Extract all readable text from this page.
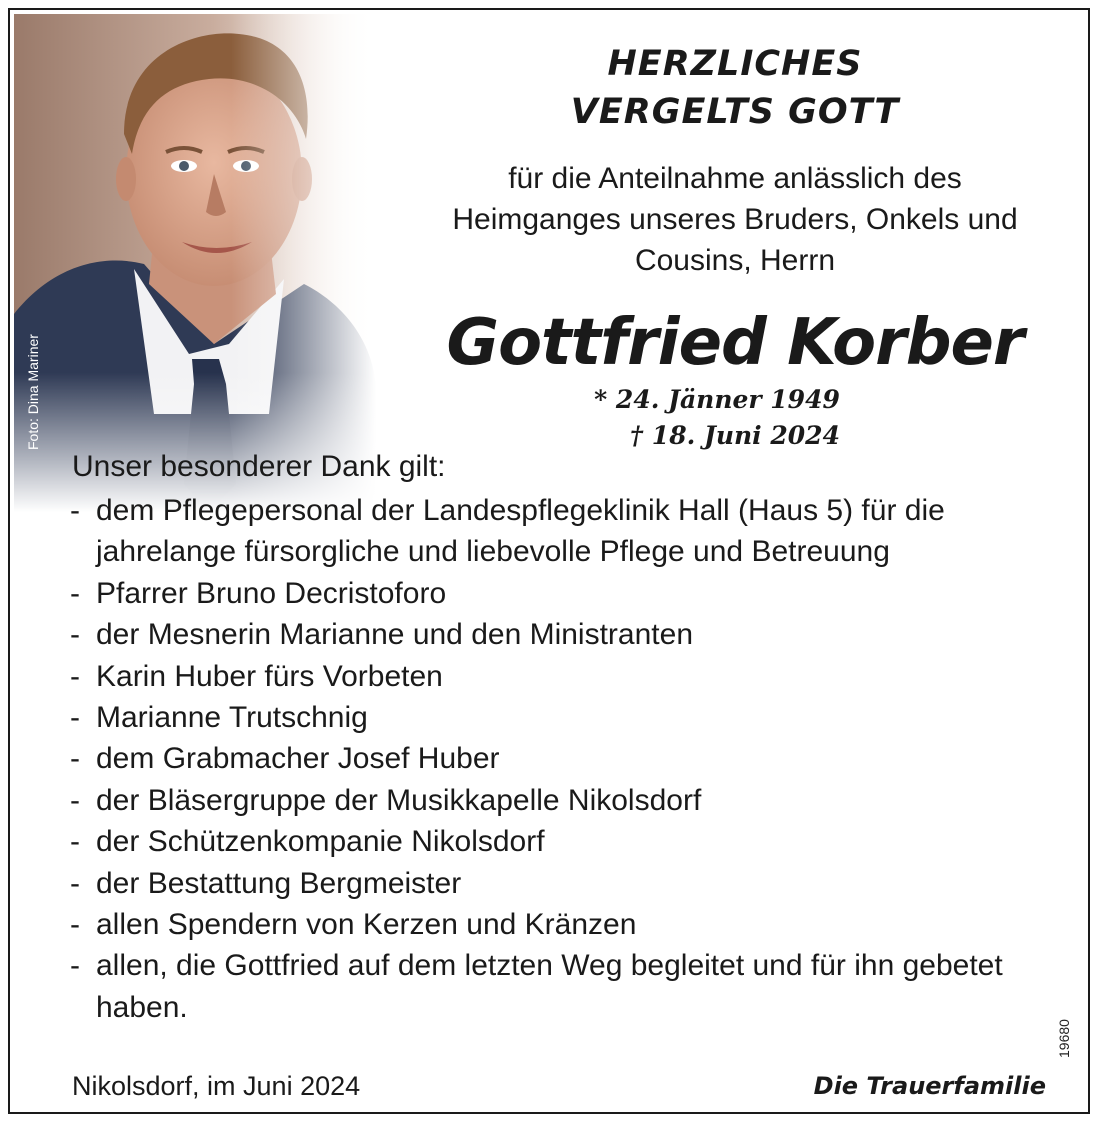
Foto: Dina Mariner
HERZLICHES
VERGELTS GOTT
für die Anteilnahme anlässlich des
Heimganges unseres Bruders, Onkels und
Cousins, Herrn
Gottfried Korber
* 24. Jänner 1949† 18. Juni 2024
Unser besonderer Dank gilt:
- dem Pflegepersonal der Landespflegeklinik Hall (Haus 5) für die jahrelange fürsorgliche und liebevolle Pflege und Betreuung
- Pfarrer Bruno Decristoforo
- der Mesnerin Marianne und den Ministranten
- Karin Huber fürs Vorbeten
- Marianne Trutschnig
- dem Grabmacher Josef Huber
- der Bläsergruppe der Musikkapelle Nikolsdorf
- der Schützenkompanie Nikolsdorf
- der Bestattung Bergmeister
- allen Spendern von Kerzen und Kränzen
- allen, die Gottfried auf dem letzten Weg begleitet und für ihn gebetet haben.
Nikolsdorf, im Juni 2024	Die Trauerfamilie
19680
